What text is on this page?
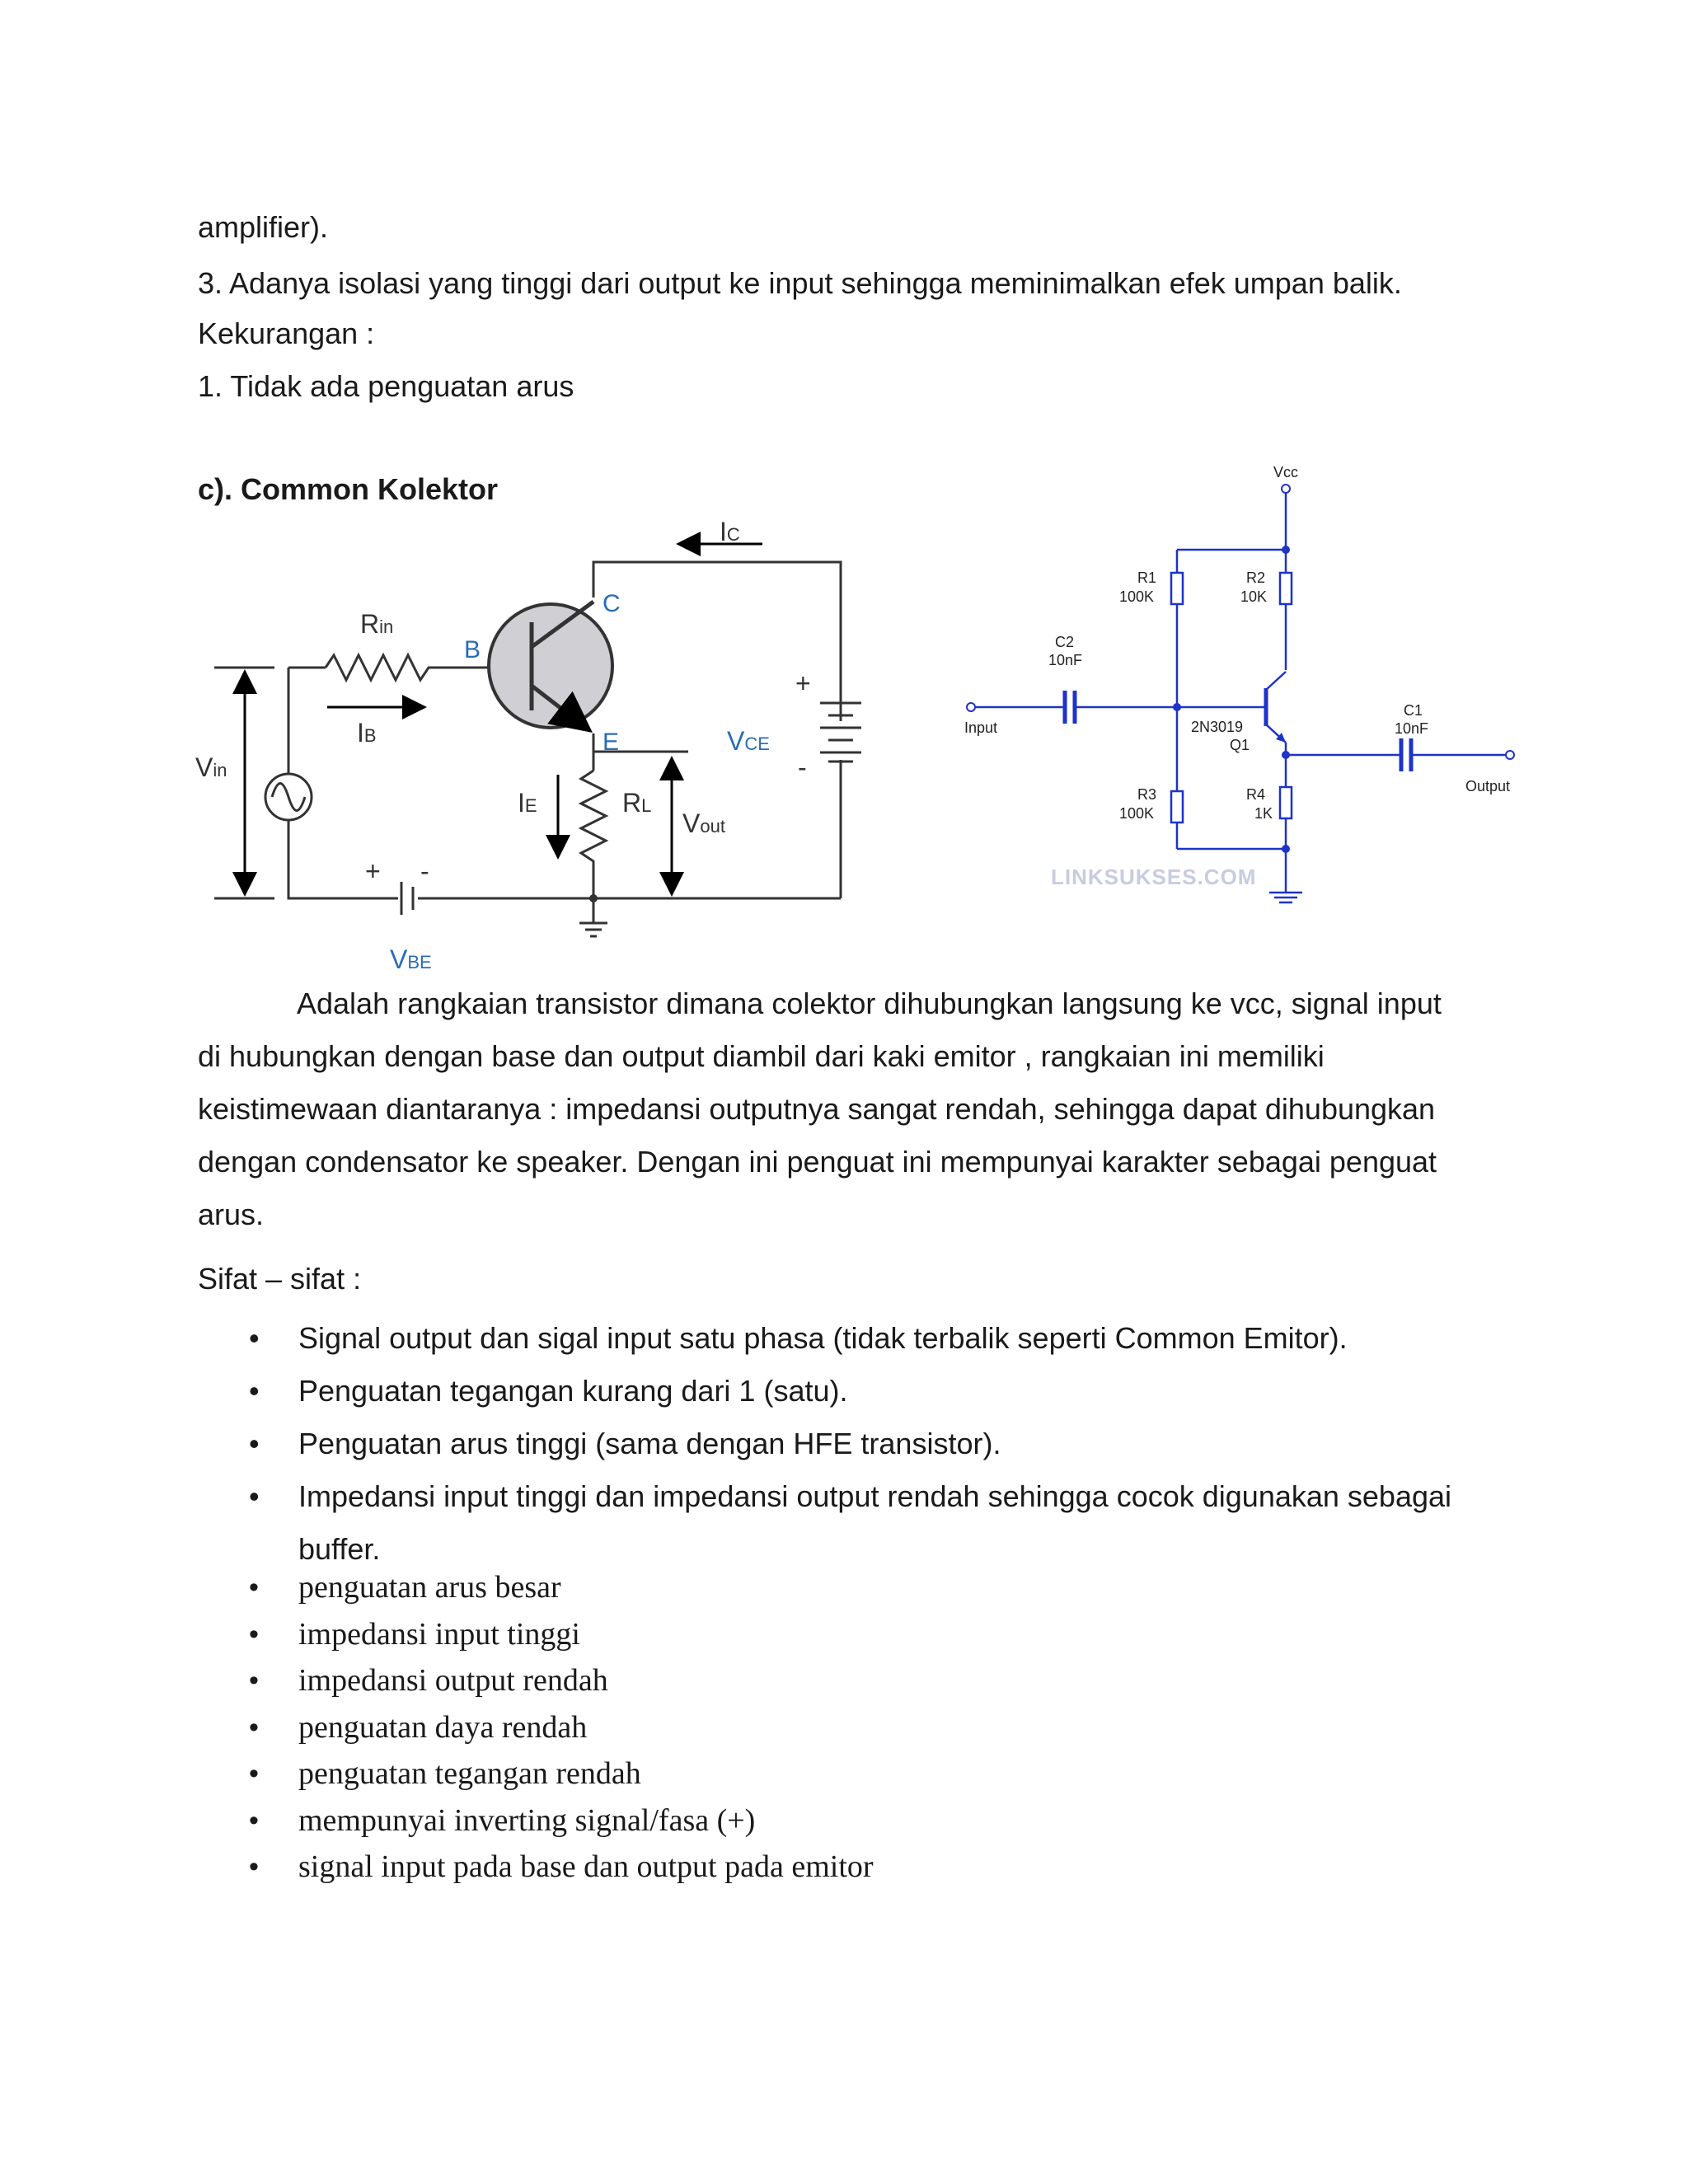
amplifier).
3. Adanya isolasi yang tinggi dari output ke input sehingga meminimalkan efek umpan balik.
Kekurangan :
1. Tidak ada penguatan arus
c). Common Kolektor
C
B
E	VCE
VBE
IC
Rin
IB
Vin
IE	RL
Vout
+
-
+ -
Vcc
R1
100K
R2
10K
C2
10nF
Input	2N3019
Q1
C1
10nF
Output
R3
100K
R4
1K
LINKSUKSES.COM
Adalah rangkaian transistor dimana colektor dihubungkan langsung ke vcc, signal input
di hubungkan dengan base dan output diambil dari kaki emitor , rangkaian ini memiliki
keistimewaan diantaranya : impedansi outputnya sangat rendah, sehingga dapat dihubungkan
dengan condensator ke speaker. Dengan ini penguat ini mempunyai karakter sebagai penguat
arus.
Sifat – sifat :
• Signal output dan sigal input satu phasa (tidak terbalik seperti Common Emitor).
• Penguatan tegangan kurang dari 1 (satu).
• Penguatan arus tinggi (sama dengan HFE transistor).
• Impedansi input tinggi dan impedansi output rendah sehingga cocok digunakan sebagai buffer.
• penguatan arus besar
• impedansi input tinggi
• impedansi output rendah
• penguatan daya rendah
• penguatan tegangan rendah
• mempunyai inverting signal/fasa (+)
• signal input pada base dan output pada emitor
